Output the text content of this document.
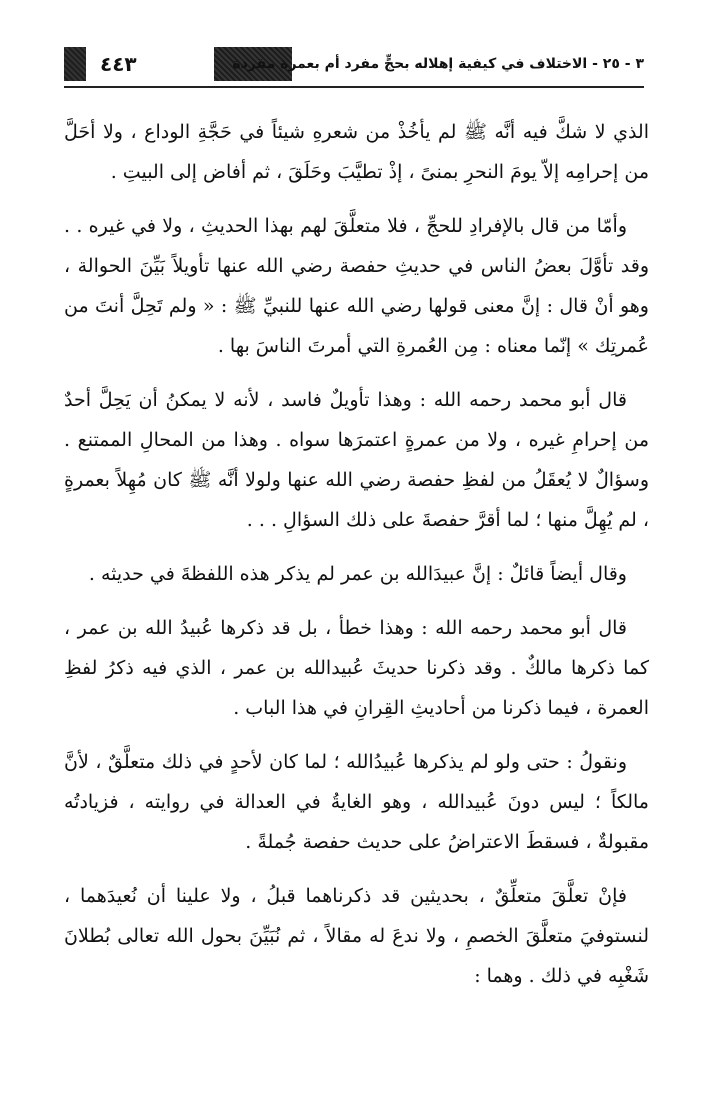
٤٤٣	٣ - ٢٥ - الاختلاف في كيفية إهلاله بحجٍّ مفرد أم بعمرة مفردة

الذي لا شكَّ فيه أنَّه ﷺ لم يأخُذْ من شعرهِ شيئاً في حَجَّةِ الوداع ، ولا أحَلَّ من إحرامِه إلاّ يومَ النحرِ بمنىً ، إذْ تطيَّبَ وحَلَقَ ، ثم أفاض إلى البيتِ .

وأمّا من قال بالإفرادِ للحجِّ ، فلا متعلَّقَ لهم بهذا الحديثِ ، ولا في غيره . . وقد تأوَّلَ بعضُ الناس في حديثِ حفصة رضي الله عنها تأويلاً بَيِّنَ الحوالة ، وهو أنْ قال : إنَّ معنى قولها رضي الله عنها للنبيِّ ﷺ : « ولم تَحِلَّ أنتَ من عُمرتِك » إنّما معناه : مِن العُمرةِ التي أمرتَ الناسَ بها .

قال أبو محمد رحمه الله : وهذا تأويلٌ فاسد ، لأنه لا يمكنُ أن يَحِلَّ أحدٌ من إحرامِ غيره ، ولا من عمرةٍ اعتمرَها سواه . وهذا من المحالِ الممتنع . وسؤالٌ لا يُعقَلُ من لفظِ حفصة رضي الله عنها ولولا أنَّه ﷺ كان مُهِلاً بعمرةٍ ، لم يُهِلَّ منها ؛ لما أقرَّ حفصةَ على ذلك السؤالِ . . .

وقال أيضاً قائلٌ : إنَّ عبيدَالله بن عمر لم يذكر هذه اللفظةَ في حديثه .

قال أبو محمد رحمه الله : وهذا خطأ ، بل قد ذكرها عُبيدُ الله بن عمر ، كما ذكرها مالكٌ . وقد ذكرنا حديثَ عُبيدالله بن عمر ، الذي فيه ذكرُ لفظِ العمرة ، فيما ذكرنا من أحاديثِ القِرانِ في هذا الباب .

ونقولُ : حتى ولو لم يذكرها عُبيدُالله ؛ لما كان لأحدٍ في ذلك متعلَّقٌ ، لأنَّ مالكاً ؛ ليس دونَ عُبيدالله ، وهو الغايةُ في العدالة في روايته ، فزيادتُه مقبولةٌ ، فسقطَ الاعتراضُ على حديث حفصة جُملةً .

فإنْ تعلَّقَ متعلِّقٌ ، بحديثين قد ذكرناهما قبلُ ، ولا علينا أن نُعيدَهما ، لنستوفيَ متعلَّقَ الخصمِ ، ولا ندعَ له مقالاً ، ثم نُبَيِّنَ بحول الله تعالى بُطلانَ شَغْبِه في ذلك . وهما :
